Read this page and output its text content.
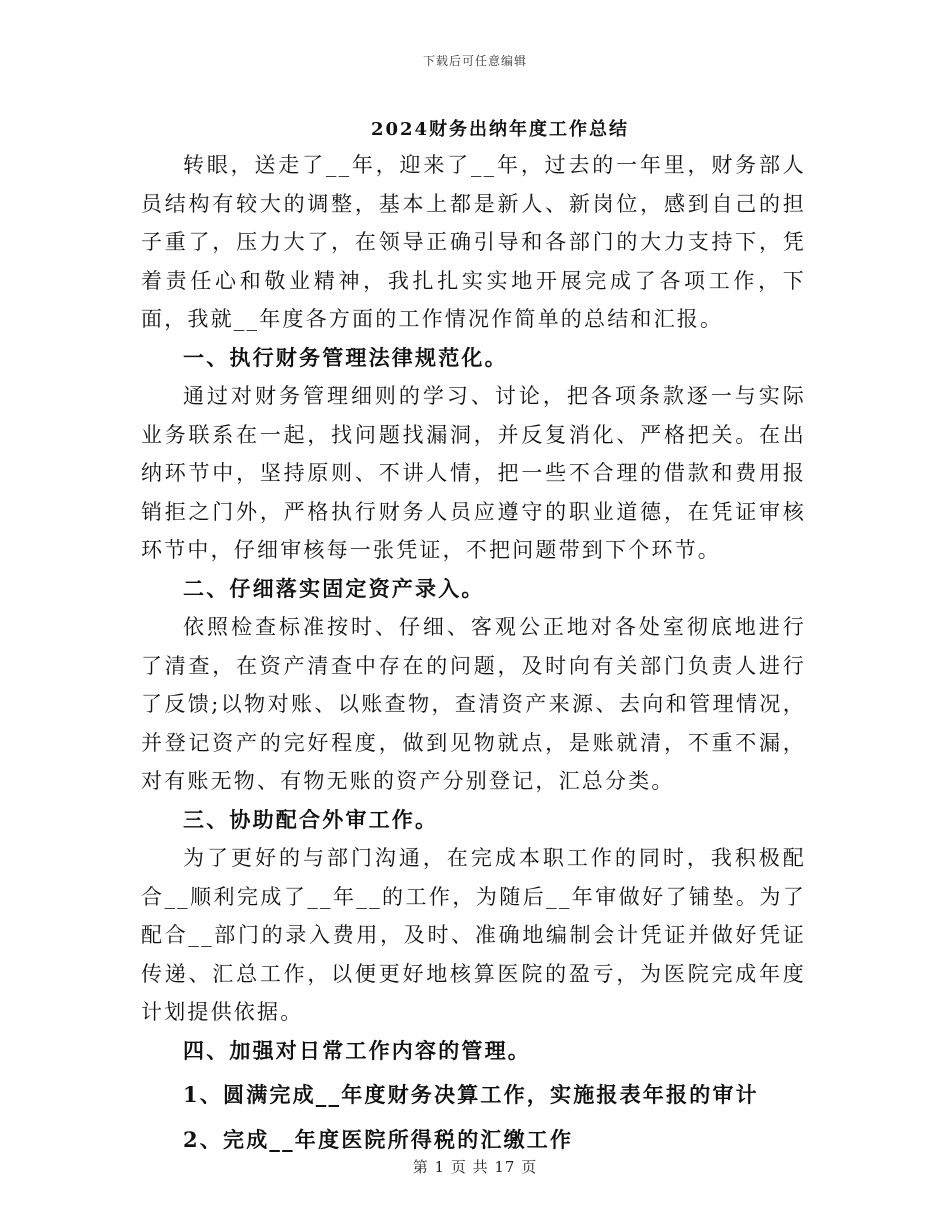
下载后可任意编辑
2024财务出纳年度工作总结

转眼，送走了__年，迎来了__年，过去的一年里，财务部人员结构有较大的调整，基本上都是新人、新岗位，感到自己的担子重了，压力大了，在领导正确引导和各部门的大力支持下，凭着责任心和敬业精神，我扎扎实实地开展完成了各项工作，下面，我就__年度各方面的工作情况作简单的总结和汇报。

一、执行财务管理法律规范化。

通过对财务管理细则的学习、讨论，把各项条款逐一与实际业务联系在一起，找问题找漏洞，并反复消化、严格把关。在出纳环节中，坚持原则、不讲人情，把一些不合理的借款和费用报销拒之门外，严格执行财务人员应遵守的职业道德，在凭证审核环节中，仔细审核每一张凭证，不把问题带到下个环节。

二、仔细落实固定资产录入。

依照检查标准按时、仔细、客观公正地对各处室彻底地进行了清查，在资产清查中存在的问题，及时向有关部门负责人进行了反馈;以物对账、以账查物，查清资产来源、去向和管理情况，并登记资产的完好程度，做到见物就点，是账就清，不重不漏，对有账无物、有物无账的资产分别登记，汇总分类。

三、协助配合外审工作。

为了更好的与部门沟通，在完成本职工作的同时，我积极配合__顺利完成了__年__的工作，为随后__年审做好了铺垫。为了配合__部门的录入费用，及时、准确地编制会计凭证并做好凭证传递、汇总工作，以便更好地核算医院的盈亏，为医院完成年度计划提供依据。

四、加强对日常工作内容的管理。

1、圆满完成__年度财务决算工作，实施报表年报的审计

2、完成__年度医院所得税的汇缴工作

第 1 页 共 17 页
